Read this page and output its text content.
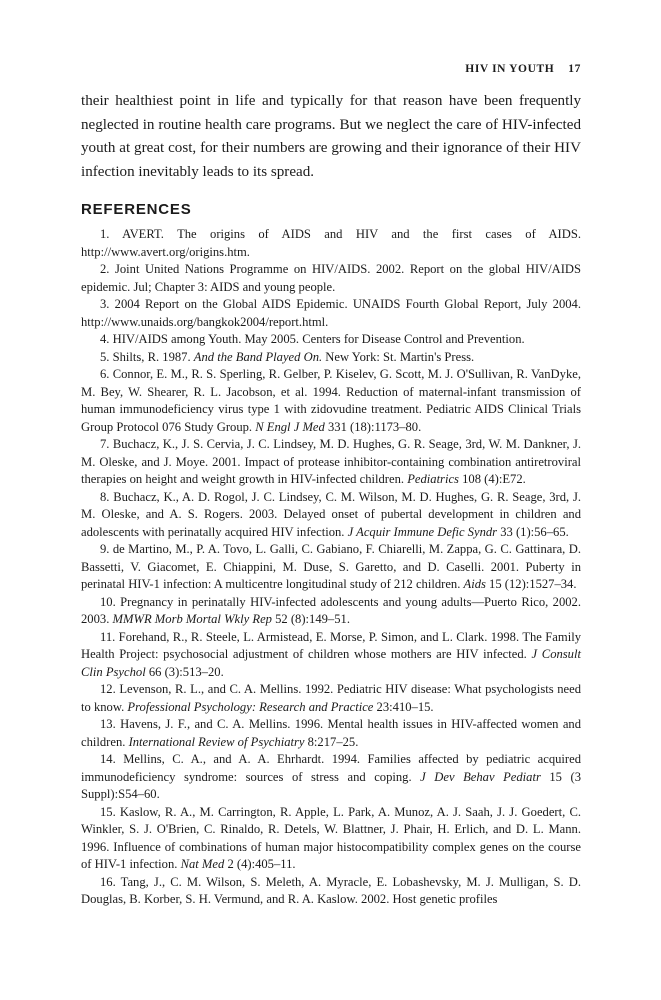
HIV IN YOUTH 17

their healthiest point in life and typically for that reason have been frequently neglected in routine health care programs. But we neglect the care of HIV-infected youth at great cost, for their numbers are growing and their ignorance of their HIV infection inevitably leads to its spread.

REFERENCES
1. AVERT. The origins of AIDS and HIV and the first cases of AIDS. http://www.avert.org/origins.htm.
2. Joint United Nations Programme on HIV/AIDS. 2002. Report on the global HIV/AIDS epidemic. Jul; Chapter 3: AIDS and young people.
3. 2004 Report on the Global AIDS Epidemic. UNAIDS Fourth Global Report, July 2004. http://www.unaids.org/bangkok2004/report.html.
4. HIV/AIDS among Youth. May 2005. Centers for Disease Control and Prevention.
5. Shilts, R. 1987. And the Band Played On. New York: St. Martin's Press.
6. Connor, E. M., R. S. Sperling, R. Gelber, P. Kiselev, G. Scott, M. J. O'Sullivan, R. VanDyke, M. Bey, W. Shearer, R. L. Jacobson, et al. 1994. Reduction of maternal-infant transmission of human immunodeficiency virus type 1 with zidovudine treatment. Pediatric AIDS Clinical Trials Group Protocol 076 Study Group. N Engl J Med 331 (18):1173–80.
7. Buchacz, K., J. S. Cervia, J. C. Lindsey, M. D. Hughes, G. R. Seage, 3rd, W. M. Dankner, J. M. Oleske, and J. Moye. 2001. Impact of protease inhibitor-containing combination antiretroviral therapies on height and weight growth in HIV-infected children. Pediatrics 108 (4):E72.
8. Buchacz, K., A. D. Rogol, J. C. Lindsey, C. M. Wilson, M. D. Hughes, G. R. Seage, 3rd, J. M. Oleske, and A. S. Rogers. 2003. Delayed onset of pubertal development in children and adolescents with perinatally acquired HIV infection. J Acquir Immune Defic Syndr 33 (1):56–65.
9. de Martino, M., P. A. Tovo, L. Galli, C. Gabiano, F. Chiarelli, M. Zappa, G. C. Gattinara, D. Bassetti, V. Giacomet, E. Chiappini, M. Duse, S. Garetto, and D. Caselli. 2001. Puberty in perinatal HIV-1 infection: A multicentre longitudinal study of 212 children. Aids 15 (12):1527–34.
10. Pregnancy in perinatally HIV-infected adolescents and young adults—Puerto Rico, 2002. 2003. MMWR Morb Mortal Wkly Rep 52 (8):149–51.
11. Forehand, R., R. Steele, L. Armistead, E. Morse, P. Simon, and L. Clark. 1998. The Family Health Project: psychosocial adjustment of children whose mothers are HIV infected. J Consult Clin Psychol 66 (3):513–20.
12. Levenson, R. L., and C. A. Mellins. 1992. Pediatric HIV disease: What psychologists need to know. Professional Psychology: Research and Practice 23:410–15.
13. Havens, J. F., and C. A. Mellins. 1996. Mental health issues in HIV-affected women and children. International Review of Psychiatry 8:217–25.
14. Mellins, C. A., and A. A. Ehrhardt. 1994. Families affected by pediatric acquired immunodeficiency syndrome: sources of stress and coping. J Dev Behav Pediatr 15 (3 Suppl):S54–60.
15. Kaslow, R. A., M. Carrington, R. Apple, L. Park, A. Munoz, A. J. Saah, J. J. Goedert, C. Winkler, S. J. O'Brien, C. Rinaldo, R. Detels, W. Blattner, J. Phair, H. Erlich, and D. L. Mann. 1996. Influence of combinations of human major histocompatibility complex genes on the course of HIV-1 infection. Nat Med 2 (4):405–11.
16. Tang, J., C. M. Wilson, S. Meleth, A. Myracle, E. Lobashevsky, M. J. Mulligan, S. D. Douglas, B. Korber, S. H. Vermund, and R. A. Kaslow. 2002. Host genetic profiles
